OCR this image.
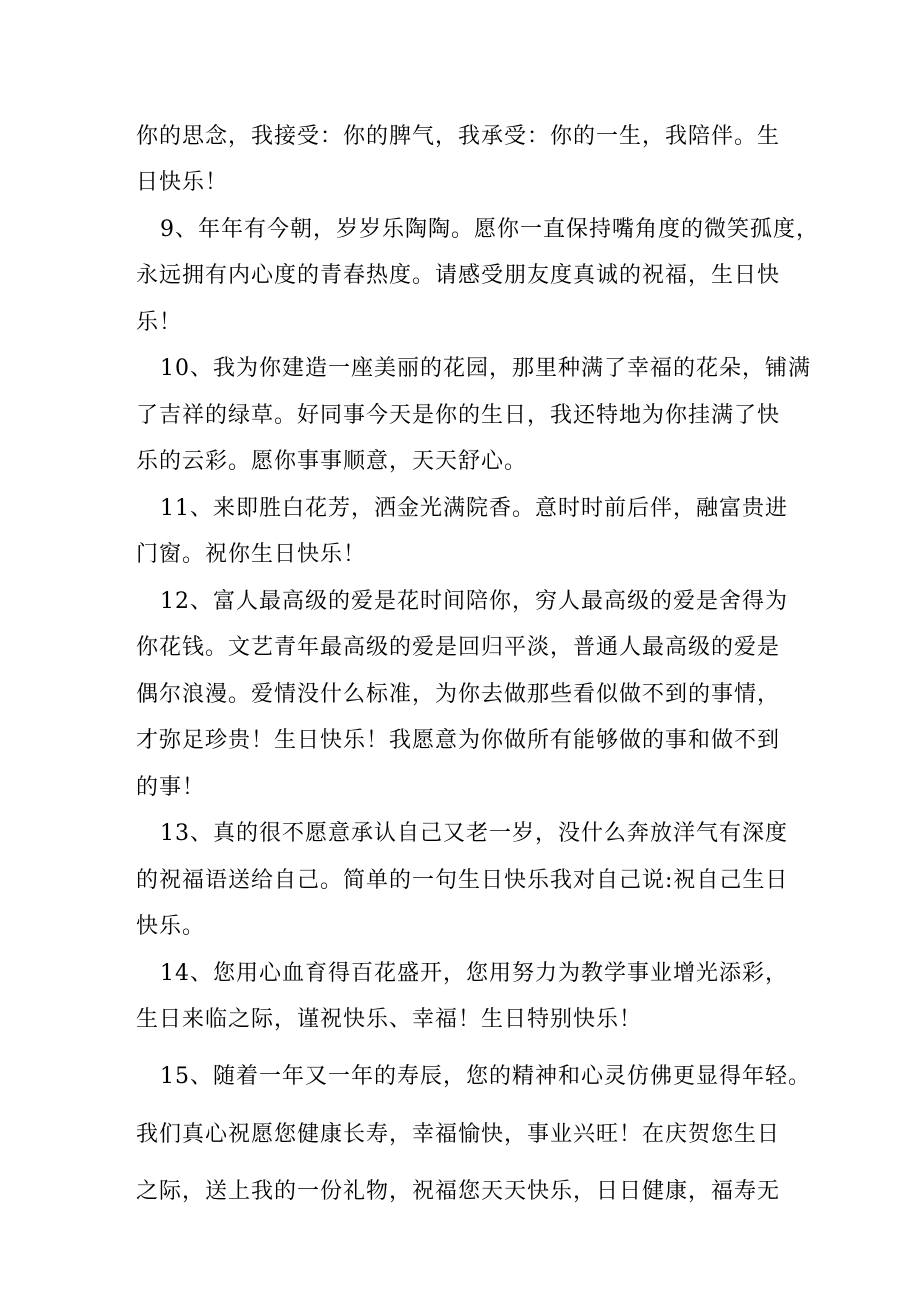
你的思念，我接受：你的脾气，我承受：你的一生，我陪伴。生
日快乐！
9、年年有今朝，岁岁乐陶陶。愿你一直保持嘴角度的微笑孤度，
永远拥有内心度的青春热度。请感受朋友度真诚的祝福，生日快
乐！
10、我为你建造一座美丽的花园，那里种满了幸福的花朵，铺满
了吉祥的绿草。好同事今天是你的生日，我还特地为你挂满了快
乐的云彩。愿你事事顺意，天天舒心。
11、来即胜白花芳，洒金光满院香。意时时前后伴，融富贵进
门窗。祝你生日快乐！
12、富人最高级的爱是花时间陪你，穷人最高级的爱是舍得为
你花钱。文艺青年最高级的爱是回归平淡，普通人最高级的爱是
偶尔浪漫。爱情没什么标准，为你去做那些看似做不到的事情，
才弥足珍贵！生日快乐！我愿意为你做所有能够做的事和做不到
的事！
13、真的很不愿意承认自己又老一岁，没什么奔放洋气有深度
的祝福语送给自己。简单的一句生日快乐我对自己说:祝自己生日
快乐。
14、您用心血育得百花盛开，您用努力为教学事业增光添彩，
生日来临之际，谨祝快乐、幸福！生日特别快乐！
15、随着一年又一年的寿辰，您的精神和心灵仿佛更显得年轻。
我们真心祝愿您健康长寿，幸福愉快，事业兴旺！在庆贺您生日
之际，送上我的一份礼物，祝福您天天快乐，日日健康，福寿无
